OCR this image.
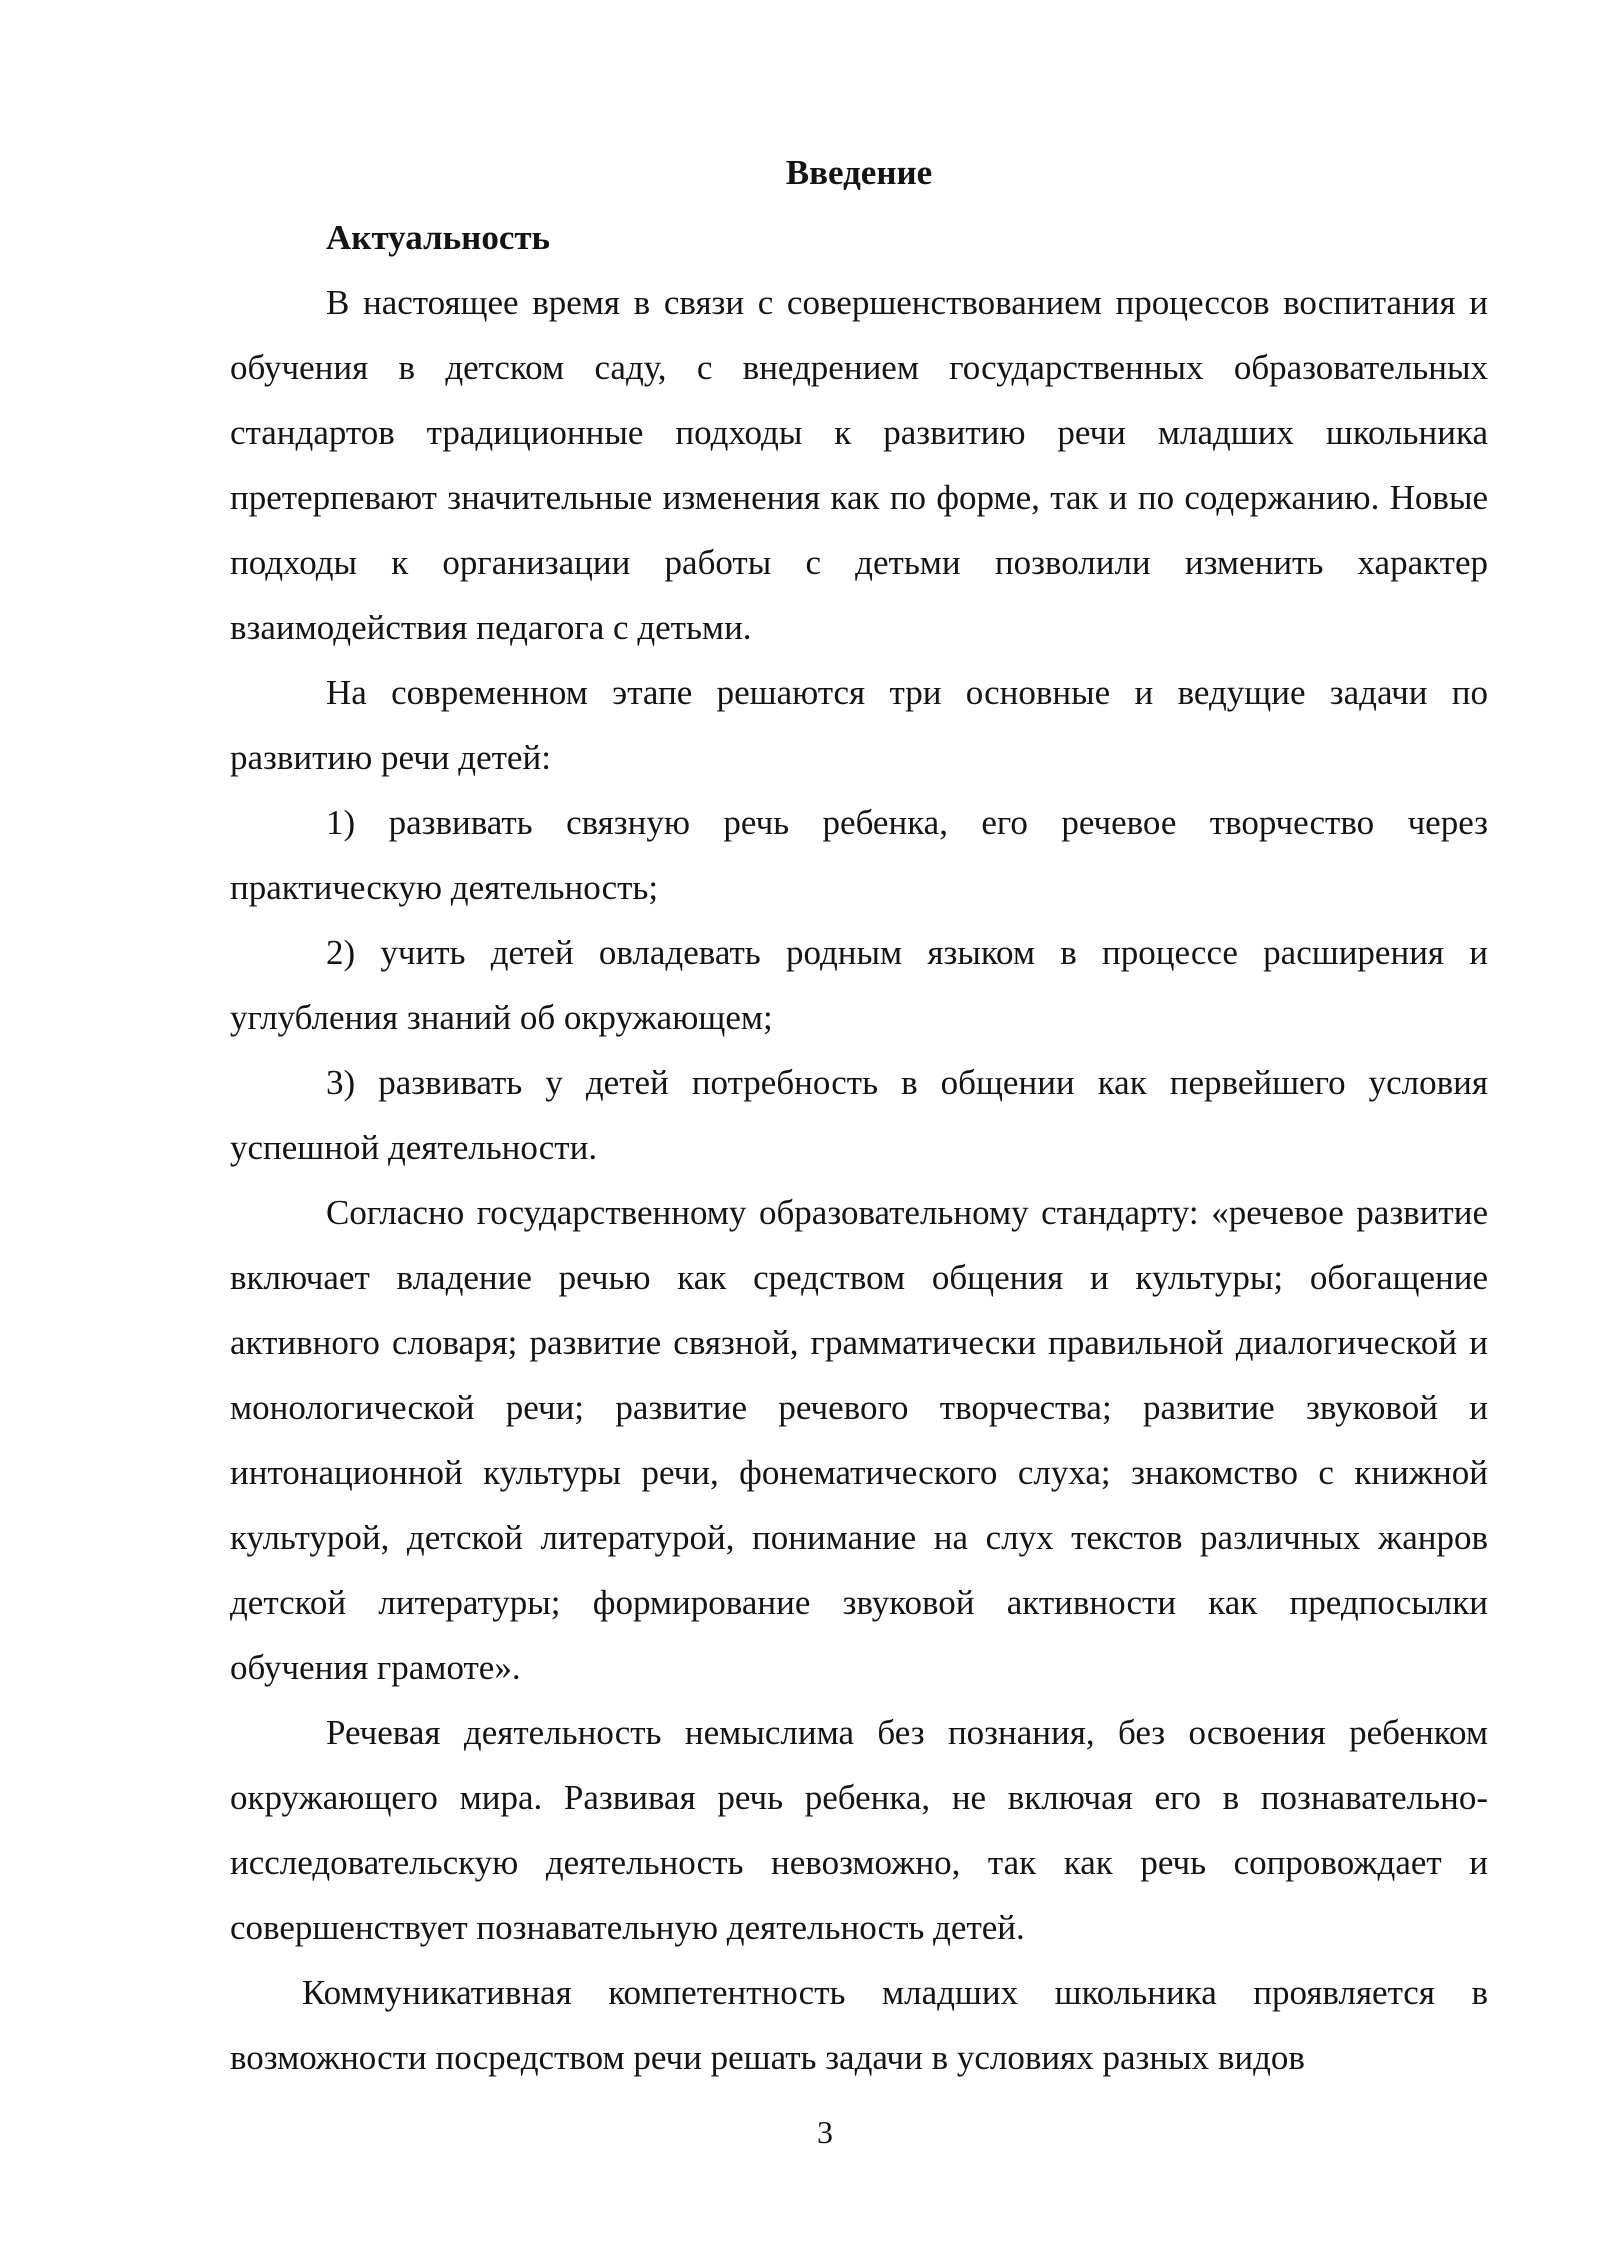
Введение

Актуальность

В настоящее время в связи с совершенствованием процессов воспитания и обучения в детском саду, с внедрением государственных образовательных стандартов традиционные подходы к развитию речи младших школьника претерпевают значительные изменения как по форме, так и по содержанию. Новые подходы к организации работы с детьми позволили изменить характер взаимодействия педагога с детьми.

На современном этапе решаются три основные и ведущие задачи по развитию речи детей:

1) развивать связную речь ребенка, его речевое творчество через практическую деятельность;

2) учить детей овладевать родным языком в процессе расширения и углубления знаний об окружающем;

3) развивать у детей потребность в общении как первейшего условия успешной деятельности.

Согласно государственному образовательному стандарту: «речевое развитие включает владение речью как средством общения и культуры; обогащение активного словаря; развитие связной, грамматически правильной диалогической и монологической речи; развитие речевого творчества; развитие звуковой и интонационной культуры речи, фонематического слуха; знакомство с книжной культурой, детской литературой, понимание на слух текстов различных жанров детской литературы; формирование звуковой активности как предпосылки обучения грамоте».

Речевая деятельность немыслима без познания, без освоения ребенком окружающего мира. Развивая речь ребенка, не включая его в познавательно-исследовательскую деятельность невозможно, так как речь сопровождает и совершенствует познавательную деятельность детей.

Коммуникативная компетентность младших школьника проявляется в возможности посредством речи решать задачи в условиях разных видов

3
